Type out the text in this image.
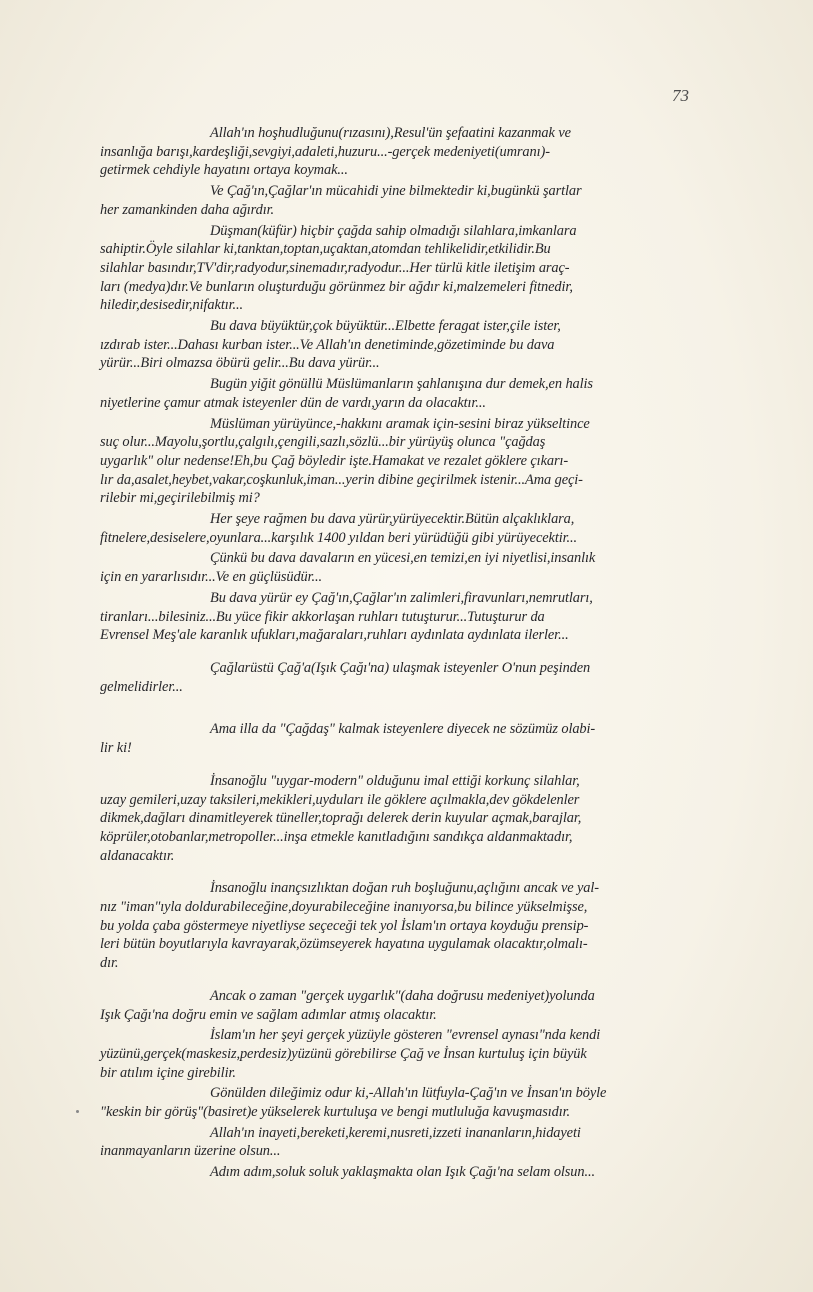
73
Allah'ın hoşhudluğunu(rızasını),Resul'ün şefaatini kazanmak ve
insanlığa barışı,kardeşliği,sevgiyi,adaleti,huzuru...-gerçek medeniyeti(umranı)-
getirmek cehdiyle hayatını ortaya koymak...
Ve Çağ'ın,Çağlar'ın mücahidi yine bilmektedir ki,bugünkü şartlar
her zamankinden daha ağırdır.
Düşman(küfür) hiçbir çağda sahip olmadığı silahlara,imkanlara
sahiptir.Öyle silahlar ki,tanktan,toptan,uçaktan,atomdan tehlikelidir,etkilidir.Bu
silahlar basındır,TV'dir,radyodur,sinemadır,radyodur...Her türlü kitle iletişim araç-
ları (medya)dır.Ve bunların oluşturduğu görünmez bir ağdır ki,malzemeleri fitnedir,
hiledir,desisedir,nifaktır...
Bu dava büyüktür,çok büyüktür...Elbette feragat ister,çile ister,
ızdırab ister...Dahası kurban ister...Ve Allah'ın denetiminde,gözetiminde bu dava
yürür...Biri olmazsa öbürü gelir...Bu dava yürür...
Bugün yiğit gönüllü Müslümanların şahlanışına dur demek,en halis
niyetlerine çamur atmak isteyenler dün de vardı,yarın da olacaktır...
Müslüman yürüyünce,-hakkını aramak için-sesini biraz yükseltince
suç olur...Mayolu,şortlu,çalgılı,çengili,sazlı,sözlü...bir yürüyüş olunca "çağdaş
uygarlık" olur nedense!Eh,bu Çağ böyledir işte.Hamakat ve rezalet göklere çıkarı-
lır da,asalet,heybet,vakar,coşkunluk,iman...yerin dibine geçirilmek istenir...Ama geçi-
rilebir mi,geçirilebilmiş mi?
Her şeye rağmen bu dava yürür,yürüyecektir.Bütün alçaklıklara,
fitnelere,desiselere,oyunlara...karşılık 1400 yıldan beri yürüdüğü gibi yürüyecektir...
Çünkü bu dava davaların en yücesi,en temizi,en iyi niyetlisi,insanlık
için en yararlısıdır...Ve en güçlüsüdür...
Bu dava yürür ey Çağ'ın,Çağlar'ın zalimleri,firavunları,nemrutları,
tiranları...bilesiniz...Bu yüce fikir akkorlaşan ruhları tutuşturur...Tutuşturur da
Evrensel Meş'ale karanlık ufukları,mağaraları,ruhları aydınlata aydınlata ilerler...
Çağlarüstü Çağ'a(Işık Çağı'na) ulaşmak isteyenler O'nun peşinden
gelmelidirler...
Ama illa da "Çağdaş" kalmak isteyenlere diyecek ne sözümüz olabi-
lir ki!
İnsanoğlu "uygar-modern" olduğunu imal ettiği korkunç silahlar,
uzay gemileri,uzay taksileri,mekikleri,uyduları ile göklere açılmakla,dev gökdelenler
dikmek,dağları dinamitleyerek tüneller,toprağı delerek derin kuyular açmak,barajlar,
köprüler,otobanlar,metropoller...inşa etmekle kanıtladığını sandıkça aldanmaktadır,
aldanacaktır.
İnsanoğlu inançsızlıktan doğan ruh boşluğunu,açlığını ancak ve yal-
nız "iman"ıyla doldurabileceğine,doyurabileceğine inanıyorsa,bu bilince yükselmişse,
bu yolda çaba göstermeye niyetliyse seçeceği tek yol İslam'ın ortaya koyduğu prensip-
leri bütün boyutlarıyla kavrayarak,özümseyerek hayatına uygulamak olacaktır,olmalı-
dır.
Ancak o zaman "gerçek uygarlık"(daha doğrusu medeniyet)yolunda
Işık Çağı'na doğru emin ve sağlam adımlar atmış olacaktır.
İslam'ın her şeyi gerçek yüzüyle gösteren "evrensel aynası"nda kendi
yüzünü,gerçek(maskesiz,perdesiz)yüzünü görebilirse Çağ ve İnsan kurtuluş için büyük
bir atılım içine girebilir.
Gönülden dileğimiz odur ki,-Allah'ın lütfuyla-Çağ'ın ve İnsan'ın böyle
"keskin bir görüş"(basiret)e yükselerek kurtuluşa ve bengi mutluluğa kavuşmasıdır.
Allah'ın inayeti,bereketi,keremi,nusreti,izzeti inananların,hidayeti
inanmayanların üzerine olsun...
Adım adım,soluk soluk yaklaşmakta olan Işık Çağı'na selam olsun...
